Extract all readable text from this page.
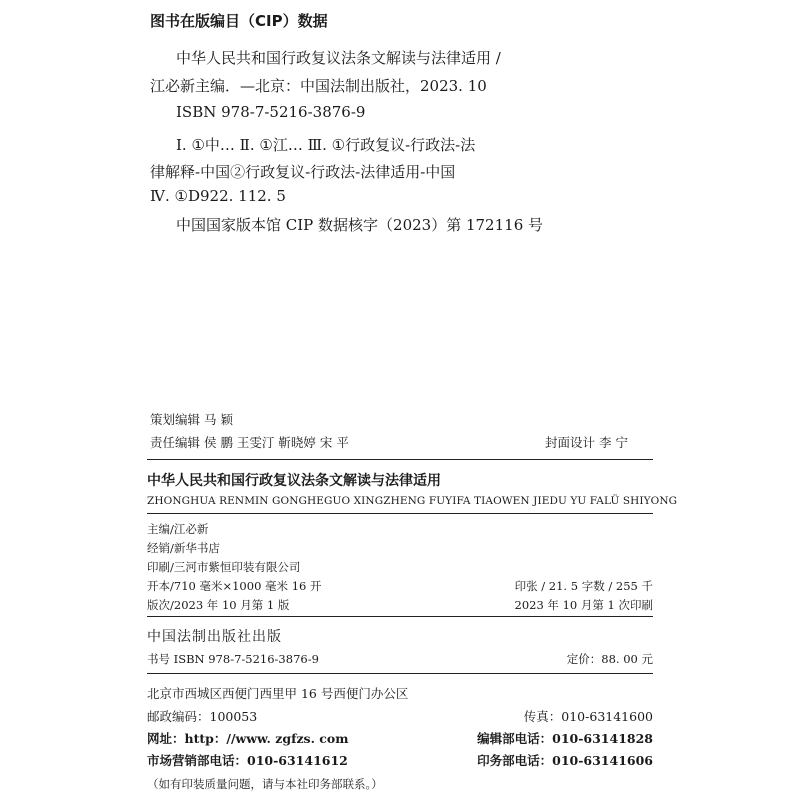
图书在版编目（CIP）数据
中华人民共和国行政复议法条文解读与法律适用 /
江必新主编．—北京：中国法制出版社，2023. 10
ISBN 978-7-5216-3876-9
Ⅰ. ①中… Ⅱ. ①江… Ⅲ. ①行政复议-行政法-法
律解释-中国②行政复议-行政法-法律适用-中国
Ⅳ. ①D922. 112. 5
中国国家版本馆 CIP 数据核字（2023）第 172116 号
策划编辑 马 颖
责任编辑 侯 鹏 王雯汀 靳晓婷 宋 平	封面设计 李 宁
中华人民共和国行政复议法条文解读与法律适用
ZHONGHUA RENMIN GONGHEGUO XINGZHENG FUYIFA TIAOWEN JIEDU YU FALÜ SHIYONG
主编/江必新
经销/新华书店
印刷/三河市紫恒印装有限公司
开本/710 毫米×1000 毫米 16 开	印张 / 21. 5 字数 / 255 千
版次/2023 年 10 月第 1 版	2023 年 10 月第 1 次印刷
中国法制出版社出版
书号 ISBN 978-7-5216-3876-9	定价：88. 00 元
北京市西城区西便门西里甲 16 号西便门办公区
邮政编码：100053	传真：010-63141600
网址：http：//www. zgfzs. com	编辑部电话：010-63141828
市场营销部电话：010-63141612	印务部电话：010-63141606
（如有印装质量问题，请与本社印务部联系。）
